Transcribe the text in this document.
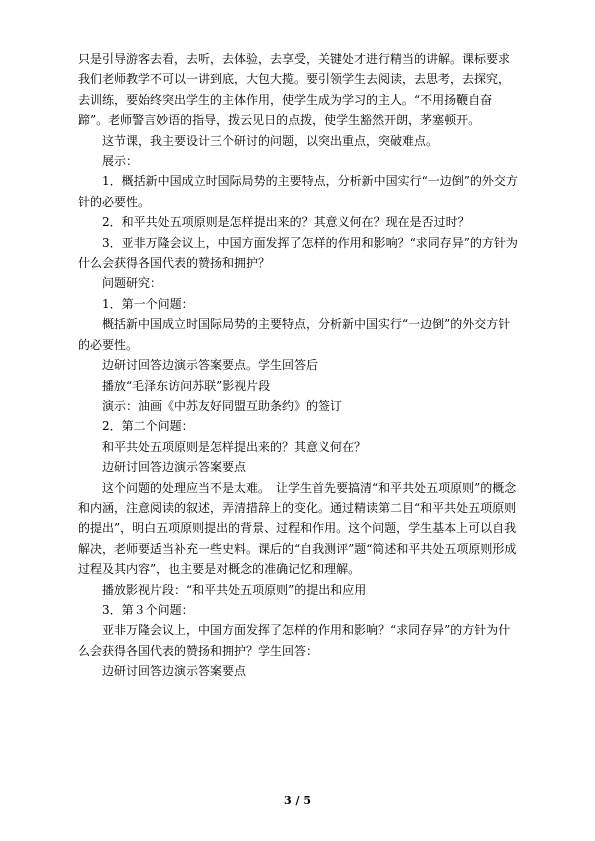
只是引导游客去看，去听，去体验，去享受，关键处才进行精当的讲解。课标要求我们老师教学不可以一讲到底，大包大揽。要引领学生去阅读，去思考，去探究，去训练，要始终突出学生的主体作用，使学生成为学习的主人。“不用扬鞭自奋蹄”。老师警言妙语的指导，拨云见日的点拨，使学生豁然开朗，茅塞顿开。

　　这节课，我主要设计三个研讨的问题，以突出重点，突破难点。

　　展示：

　　1．概括新中国成立时国际局势的主要特点，分析新中国实行“一边倒”的外交方针的必要性。

　　2．和平共处五项原则是怎样提出来的？其意义何在？现在是否过时？

　　3．亚非万隆会议上，中国方面发挥了怎样的作用和影响？“求同存异”的方针为什么会获得各国代表的赞扬和拥护？

　　问题研究：

　　1．第一个问题：

　　概括新中国成立时国际局势的主要特点，分析新中国实行“一边倒”的外交方针的必要性。

　　边研讨回答边演示答案要点。学生回答后

　　播放“毛泽东访问苏联”影视片段

　　演示：油画《中苏友好同盟互助条约》的签订

　　2．第二个问题：

　　和平共处五项原则是怎样提出来的？其意义何在？

　　边研讨回答边演示答案要点

　　这个问题的处理应当不是太难。　让学生首先要搞清“和平共处五项原则”的概念和内涵，注意阅读的叙述，弄清措辞上的变化。通过精读第二目“和平共处五项原则的提出”，明白五项原则提出的背景、过程和作用。这个问题，学生基本上可以自我解决，老师要适当补充一些史料。课后的“自我测评”题“简述和平共处五项原则形成过程及其内容”，也主要是对概念的准确记忆和理解。

　　播放影视片段：“和平共处五项原则”的提出和应用

　　3．第３个问题：

　　亚非万隆会议上，中国方面发挥了怎样的作用和影响？“求同存异”的方针为什么会获得各国代表的赞扬和拥护？学生回答：

　　边研讨回答边演示答案要点

3 / 5
